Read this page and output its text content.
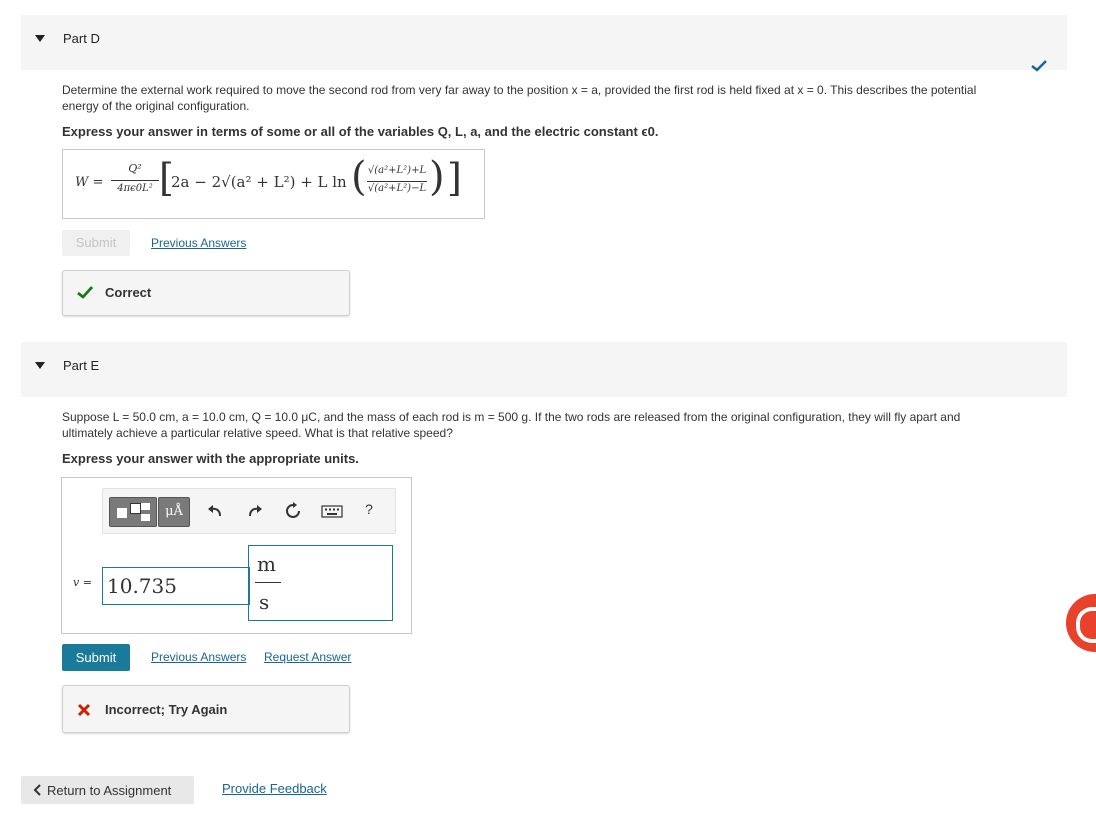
Part D
Determine the external work required to move the second rod from very far away to the position x = a, provided the first rod is held fixed at x = 0. This describes the potential
energy of the original configuration.
Express your answer in terms of some or all of the variables Q, L, a, and the electric constant ϵ0.
W =
Q²
4πϵ0L² [
2a − 2√(a² + L²) + L ln ( √(a²+L²)+L
√(a²+L²)−L ) ]
Submit	Previous Answers
Correct
Part E
Suppose L = 50.0 cm, a = 10.0 cm, Q = 10.0 μC, and the mass of each rod is m = 500 g. If the two rods are released from the original configuration, they will fly apart and
ultimately achieve a particular relative speed. What is that relative speed?
Express your answer with the appropriate units.
μÅ	?
v = 10.735
m
s
Submit	Previous Answers Request Answer
Incorrect; Try Again
Return to Assignment	Provide Feedback
